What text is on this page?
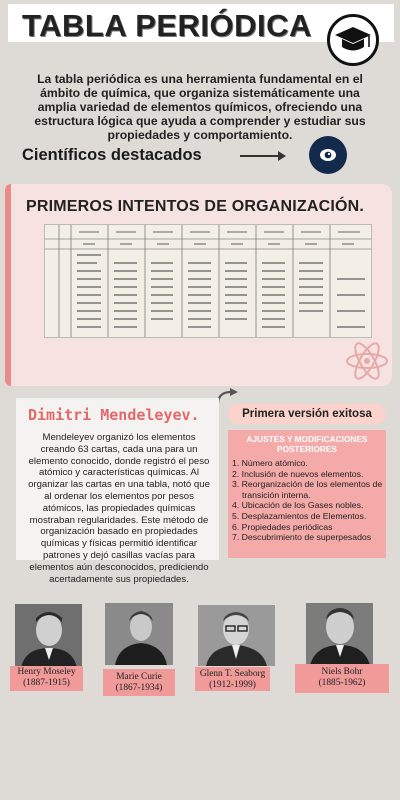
TABLA PERIÓDICA
La tabla periódica es una herramienta fundamental en el ámbito de química, que organiza sistemáticamente una amplia variedad de elementos químicos, ofreciendo una estructura lógica que ayuda a comprender y estudiar sus propiedades y comportamiento.
Científicos destacados
PRIMEROS INTENTOS DE ORGANIZACIÓN.
Dimitri Mendeleyev.
Mendeleyev organizó los elementos creando 63 cartas, cada una para un elemento conocido, donde registró el peso atómico y características químicas. Al organizar las cartas en una tabla, notó que al ordenar los elementos por pesos atómicos, las propiedades químicas mostraban regularidades. Este método de organización basado en propiedades químicas y físicas permitió identificar patrones y dejó casillas vacías para elementos aún desconocidos, prediciendo acertadamente sus propiedades.
Primera versión exitosa
AJUSTES Y MODIFICACIONES POSTERIORES
1. Número atómico.
2. Inclusión de nuevos elementos.
3. Reorganización de los elementos de transición interna.
4. Ubicación de los Gases nobles.
5. Desplazamientos de Elementos.
6. Propiedades periódicas
7. Descubrimiento de superpesados
Henry Moseley
(1887-1915)
Marie Curie
(1867-1934)
Glenn T. Seaborg
(1912-1999)
Niels Bohr
(1885-1962)
